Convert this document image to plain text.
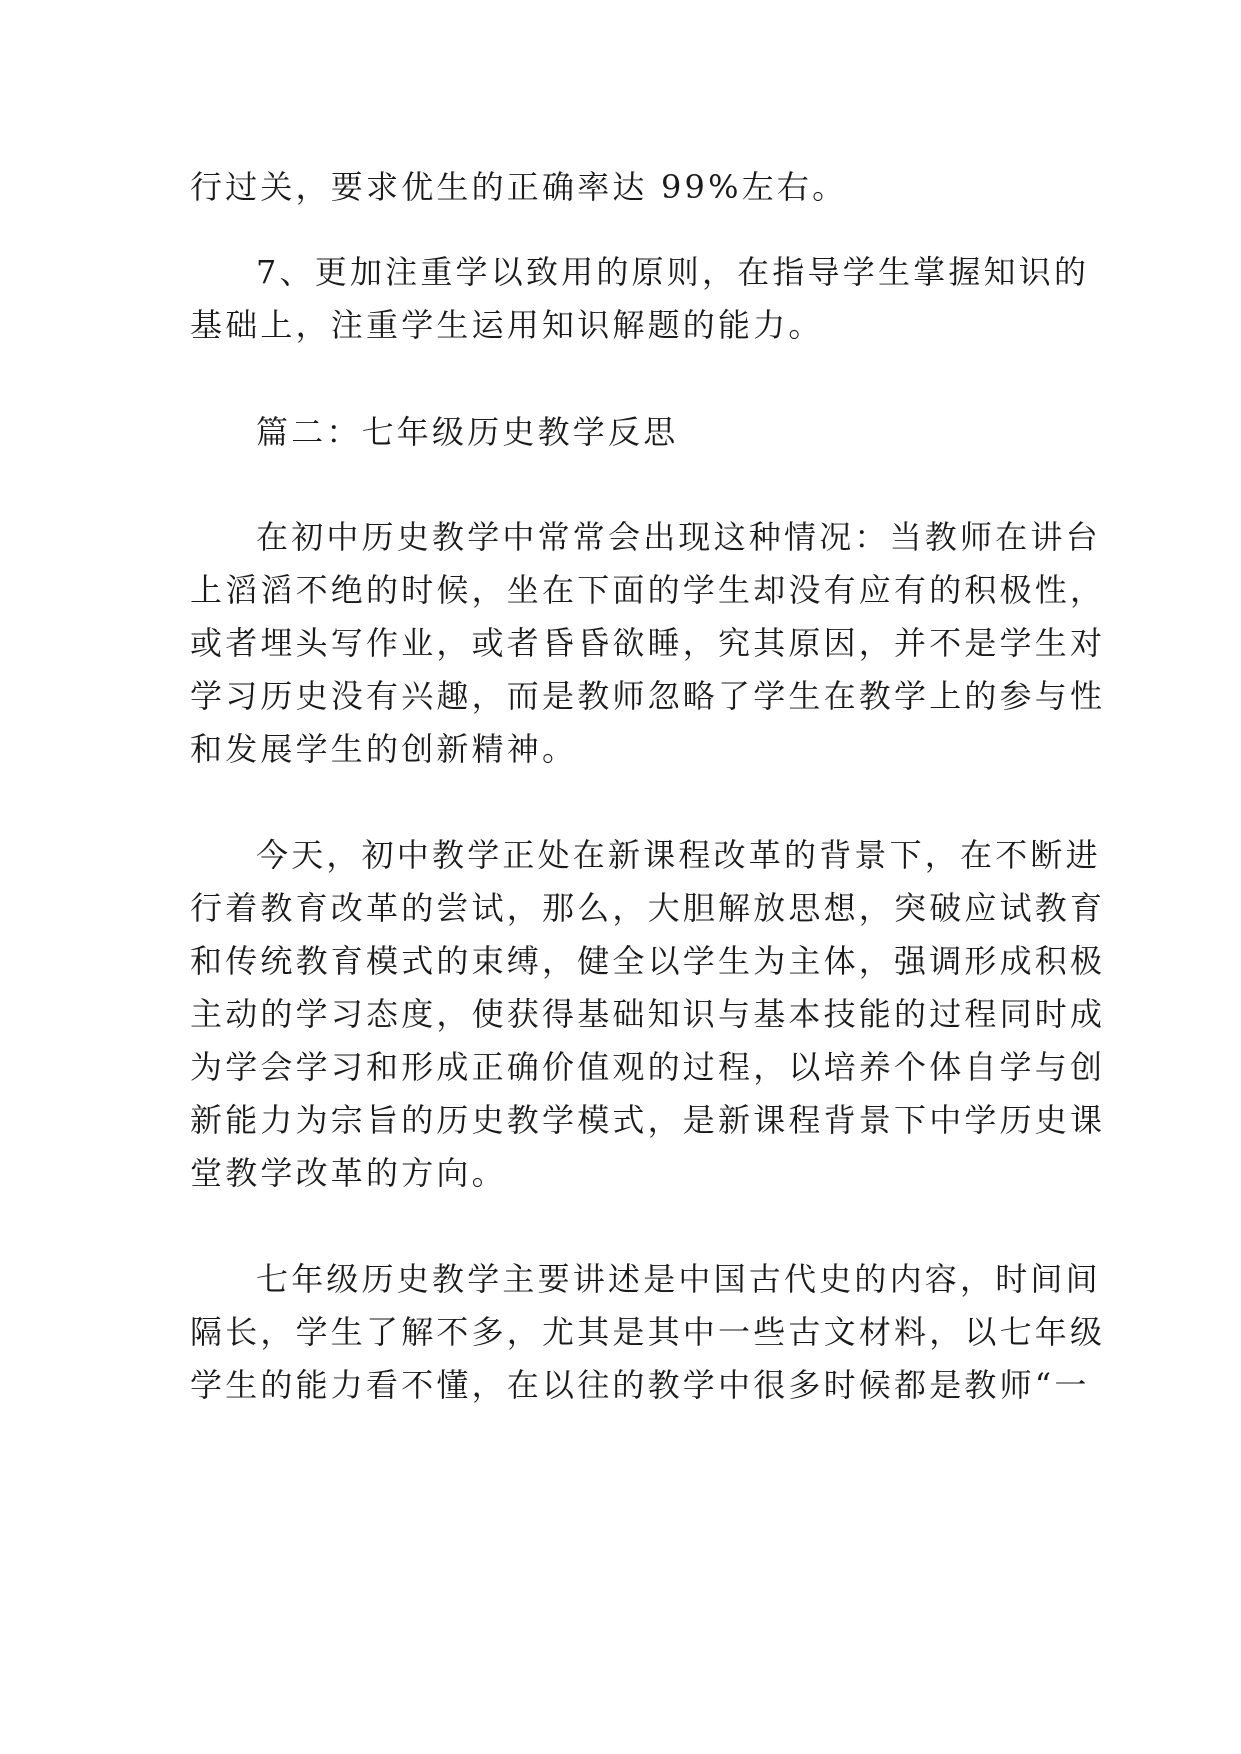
行过关，要求优生的正确率达 99%左右。
7、更加注重学以致用的原则，在指导学生掌握知识的
基础上，注重学生运用知识解题的能力。
篇二：七年级历史教学反思
在初中历史教学中常常会出现这种情况：当教师在讲台
上滔滔不绝的时候，坐在下面的学生却没有应有的积极性，
或者埋头写作业，或者昏昏欲睡，究其原因，并不是学生对
学习历史没有兴趣，而是教师忽略了学生在教学上的参与性
和发展学生的创新精神。
今天，初中教学正处在新课程改革的背景下，在不断进
行着教育改革的尝试，那么，大胆解放思想，突破应试教育
和传统教育模式的束缚，健全以学生为主体，强调形成积极
主动的学习态度，使获得基础知识与基本技能的过程同时成
为学会学习和形成正确价值观的过程，以培养个体自学与创
新能力为宗旨的历史教学模式，是新课程背景下中学历史课
堂教学改革的方向。
七年级历史教学主要讲述是中国古代史的内容，时间间
隔长，学生了解不多，尤其是其中一些古文材料，以七年级
学生的能力看不懂，在以往的教学中很多时候都是教师“一
